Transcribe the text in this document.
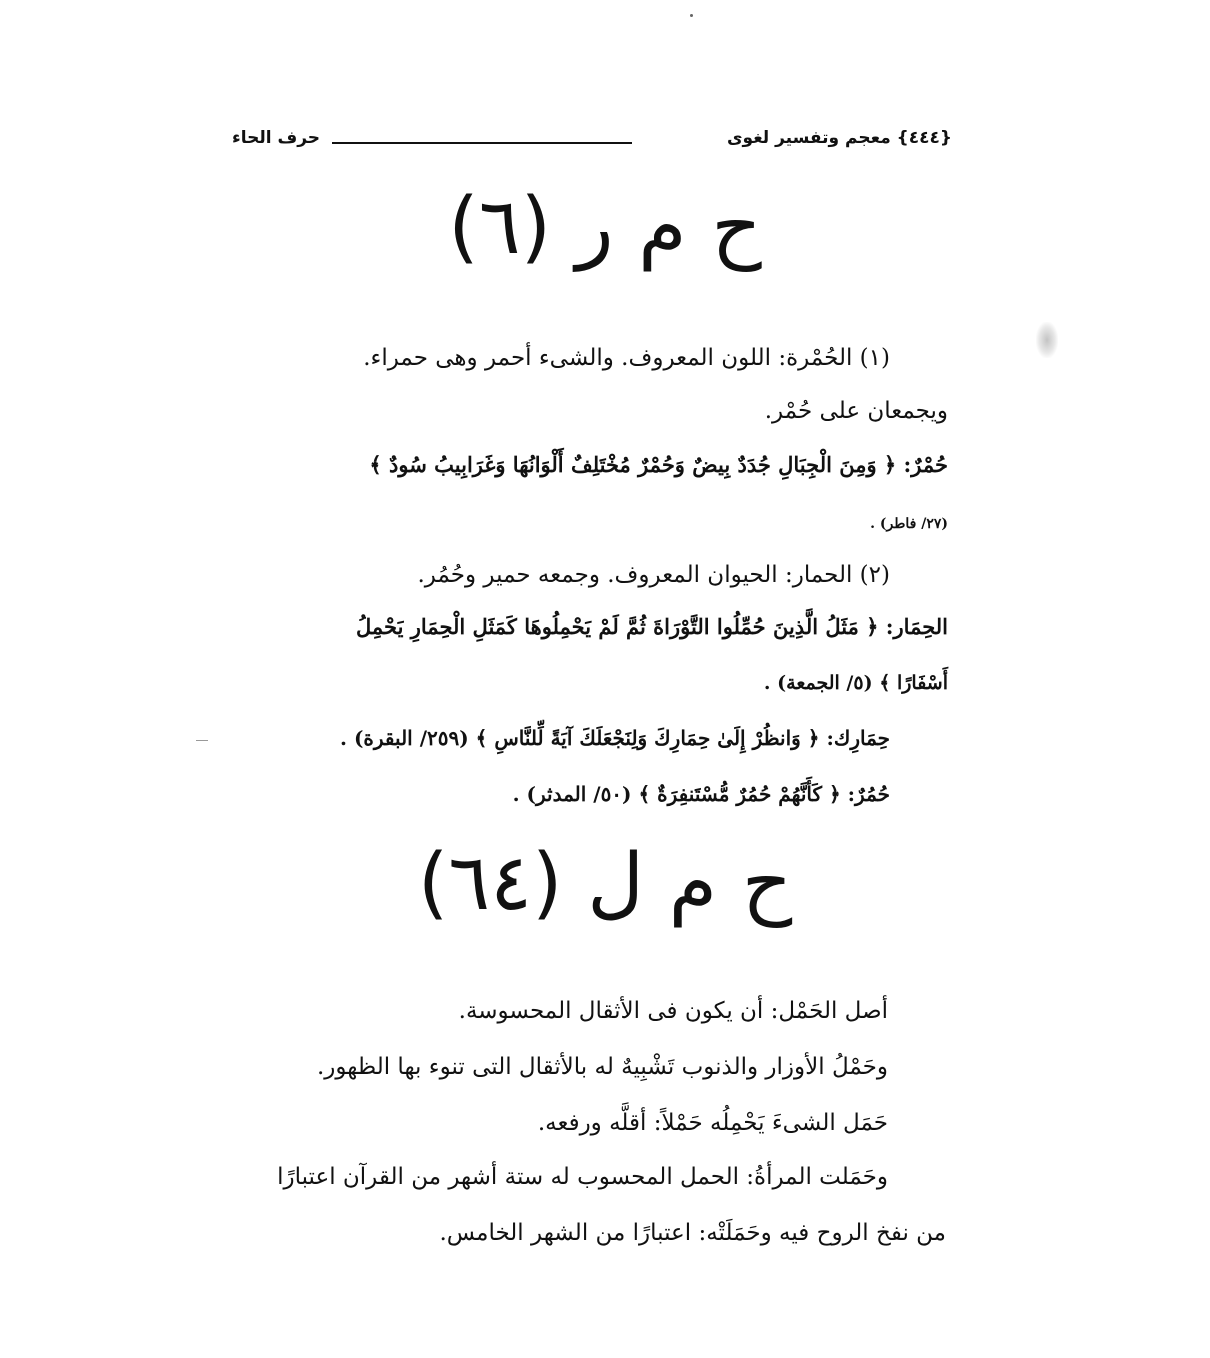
حرف الحاء	{٤٤٤} معجم وتفسير لغوى
ح م ر (٦)
(١) الحُمْرة: اللون المعروف. والشىء أحمر وهى حمراء.
ويجمعان على حُمْر.
حُمْرٌ: ﴿ وَمِنَ الْجِبَالِ جُدَدٌ بِيضٌ وَحُمْرٌ مُخْتَلِفٌ أَلْوَانُهَا وَغَرَابِيبُ سُودٌ ﴾
(٢٧/ فاطر) .
(٢) الحمار: الحيوان المعروف. وجمعه حمير وحُمُر.
الحِمَار: ﴿ مَثَلُ الَّذِينَ حُمِّلُوا التَّوْرَاةَ ثُمَّ لَمْ يَحْمِلُوهَا كَمَثَلِ الْحِمَارِ يَحْمِلُ
أَسْفَارًا ﴾ (٥/ الجمعة) .
حِمَارِك: ﴿ وَانظُرْ إِلَىٰ حِمَارِكَ وَلِنَجْعَلَكَ آيَةً لِّلنَّاسِ ﴾ (٢٥٩/ البقرة) .
حُمُرٌ: ﴿ كَأَنَّهُمْ حُمُرٌ مُّسْتَنفِرَةٌ ﴾ (٥٠/ المدثر) .
ح م ل (٦٤)
أصل الحَمْل: أن يكون فى الأثقال المحسوسة.
وحَمْلُ الأوزار والذنوب تَشْبِيهٌ له بالأثقال التى تنوء بها الظهور.
حَمَل الشىءَ يَحْمِلُه حَمْلاً: أقلَّه ورفعه.
وحَمَلت المرأةُ: الحمل المحسوب له ستة أشهر من القرآن اعتبارًا
من نفخ الروح فيه وحَمَلَتْه: اعتبارًا من الشهر الخامس.
